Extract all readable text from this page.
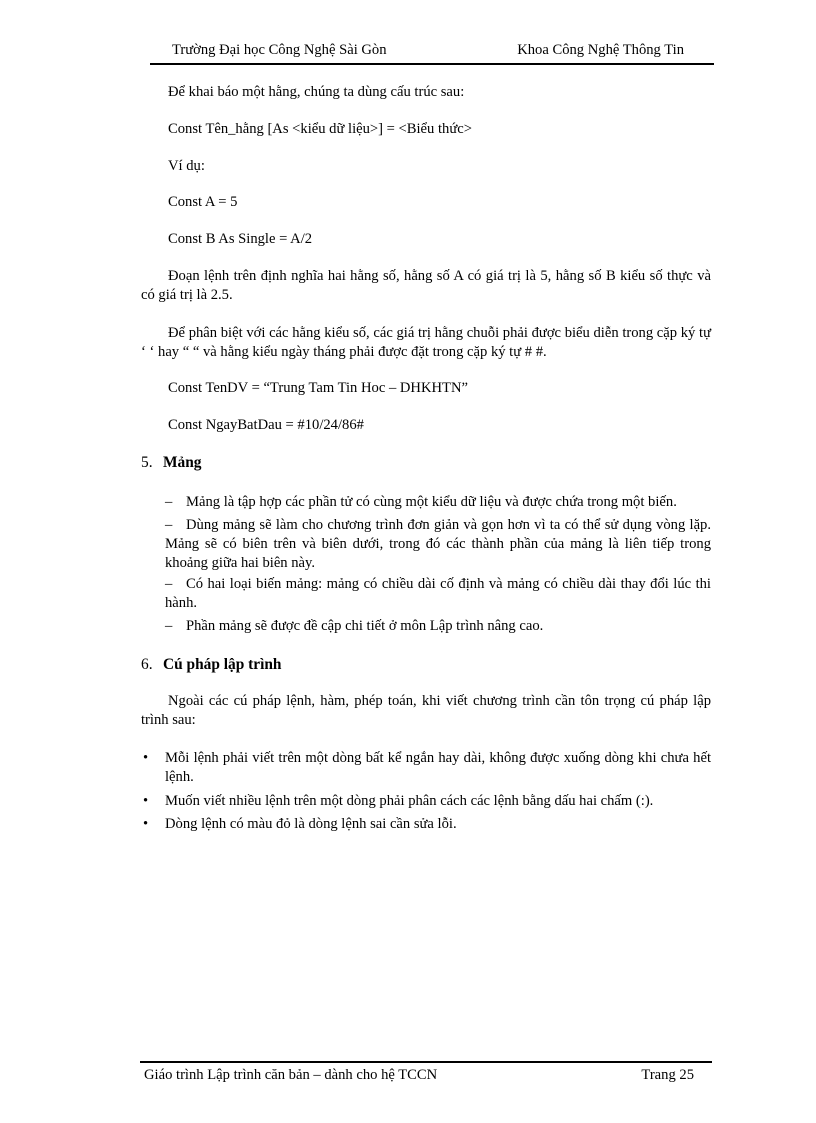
Trường Đại học Công Nghệ Sài Gòn	Khoa Công Nghệ Thông Tin
Để khai báo một hằng, chúng ta dùng cấu trúc sau:
Const Tên_hằng [As <kiểu dữ liệu>] = <Biểu thức>
Ví dụ:
Const A = 5
Const B As Single = A/2
Đoạn lệnh trên định nghĩa hai hằng số, hằng số A có giá trị là 5, hằng số B kiểu số thực và có giá trị là 2.5.
Để phân biệt với các hằng kiểu số, các giá trị hằng chuỗi phải được biểu diễn trong cặp ký tự ‘ ‘ hay “ “ và hằng kiểu ngày tháng phải được đặt trong cặp ký tự # #.
Const TenDV = “Trung Tam Tin Hoc – DHKHTN”
Const NgayBatDau = #10/24/86#
5. Mảng
– Mảng là tập hợp các phần tử có cùng một kiểu dữ liệu và được chứa trong một biến.
– Dùng mảng sẽ làm cho chương trình đơn giản và gọn hơn vì ta có thể sử dụng vòng lặp. Mảng sẽ có biên trên và biên dưới, trong đó các thành phần của mảng là liên tiếp trong khoảng giữa hai biên này.
– Có hai loại biến mảng: mảng có chiều dài cố định và mảng có chiều dài thay đổi lúc thi hành.
– Phần mảng sẽ được đề cập chi tiết ở môn Lập trình nâng cao.
6. Cú pháp lập trình
Ngoài các cú pháp lệnh, hàm, phép toán, khi viết chương trình cần tôn trọng cú pháp lập trình sau:
•	Mỗi lệnh phải viết trên một dòng bất kể ngắn hay dài, không được xuống dòng khi chưa hết lệnh.
•	Muốn viết nhiều lệnh trên một dòng phải phân cách các lệnh bằng dấu hai chấm (:).
•	Dòng lệnh có màu đỏ là dòng lệnh sai cần sửa lỗi.
Giáo trình Lập trình căn bản – dành cho hệ TCCN	Trang 25
